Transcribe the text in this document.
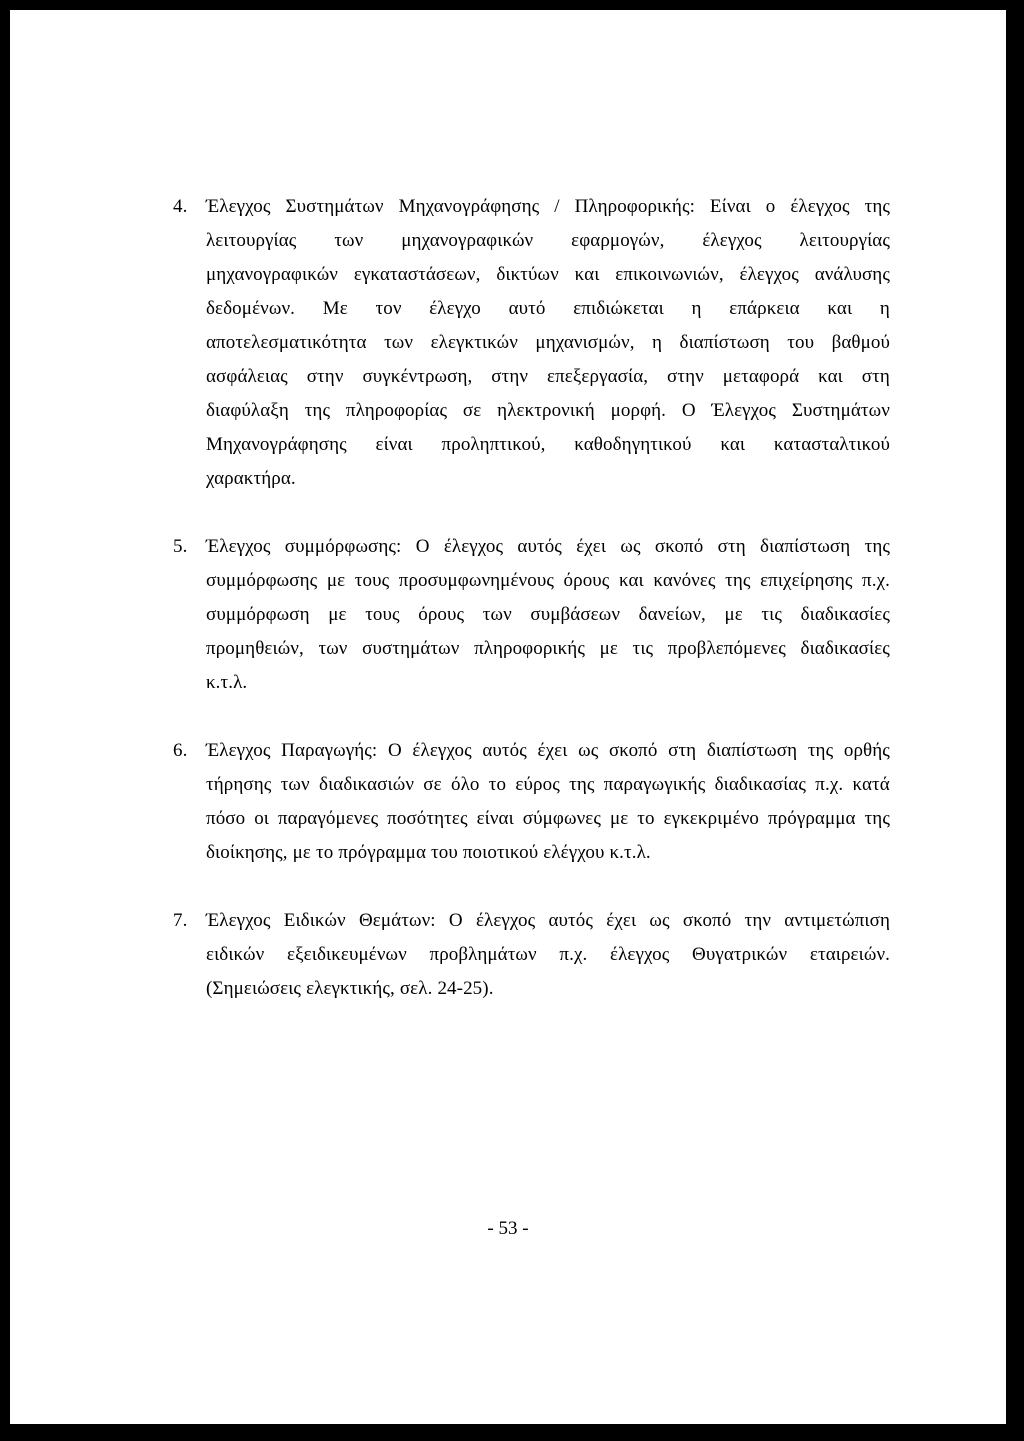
4. Έλεγχος Συστημάτων Μηχανογράφησης / Πληροφορικής: Είναι ο έλεγχος της
λειτουργίας των μηχανογραφικών εφαρμογών, έλεγχος λειτουργίας
μηχανογραφικών εγκαταστάσεων, δικτύων και επικοινωνιών, έλεγχος ανάλυσης
δεδομένων. Με τον έλεγχο αυτό επιδιώκεται η επάρκεια και η
αποτελεσματικότητα των ελεγκτικών μηχανισμών, η διαπίστωση του βαθμού
ασφάλειας στην συγκέντρωση, στην επεξεργασία, στην μεταφορά και στη
διαφύλαξη της πληροφορίας σε ηλεκτρονική μορφή. Ο Έλεγχος Συστημάτων
Μηχανογράφησης είναι προληπτικού, καθοδηγητικού και κατασταλτικού
χαρακτήρα.
5. Έλεγχος συμμόρφωσης: Ο έλεγχος αυτός έχει ως σκοπό στη διαπίστωση της
συμμόρφωσης με τους προσυμφωνημένους όρους και κανόνες της επιχείρησης π.χ.
συμμόρφωση με τους όρους των συμβάσεων δανείων, με τις διαδικασίες
προμηθειών, των συστημάτων πληροφορικής με τις προβλεπόμενες διαδικασίες
κ.τ.λ.
6. Έλεγχος Παραγωγής: Ο έλεγχος αυτός έχει ως σκοπό στη διαπίστωση της ορθής
τήρησης των διαδικασιών σε όλο το εύρος της παραγωγικής διαδικασίας π.χ. κατά
πόσο οι παραγόμενες ποσότητες είναι σύμφωνες με το εγκεκριμένο πρόγραμμα της
διοίκησης, με το πρόγραμμα του ποιοτικού ελέγχου κ.τ.λ.
7. Έλεγχος Ειδικών Θεμάτων: Ο έλεγχος αυτός έχει ως σκοπό την αντιμετώπιση
ειδικών εξειδικευμένων προβλημάτων π.χ. έλεγχος Θυγατρικών εταιρειών.
(Σημειώσεις ελεγκτικής, σελ. 24-25).
- 53 -
